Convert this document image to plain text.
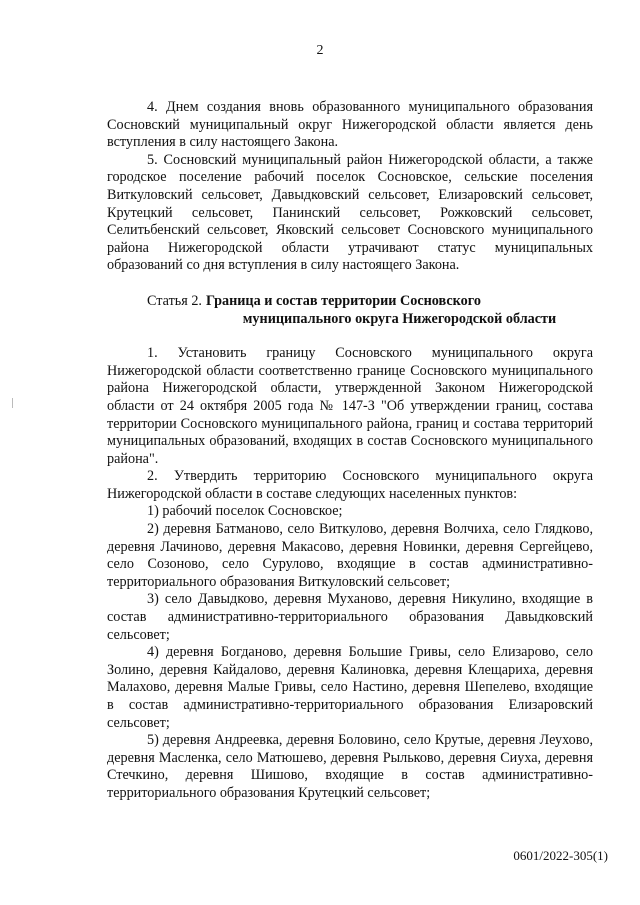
2

4. Днем создания вновь образованного муниципального образования Сосновский муниципальный округ Нижегородской области является день вступления в силу настоящего Закона.

5. Сосновский муниципальный район Нижегородской области, а также городское поселение рабочий поселок Сосновское, сельские поселения Виткуловский сельсовет, Давыдковский сельсовет, Елизаровский сельсовет, Крутецкий сельсовет, Панинский сельсовет, Рожковский сельсовет, Селитьбенский сельсовет, Яковский сельсовет Сосновского муниципального района Нижегородской области утрачивают статус муниципальных образований со дня вступления в силу настоящего Закона.

Статья 2. Граница и состав территории Сосновского
муниципального округа Нижегородской области

1. Установить границу Сосновского муниципального округа Нижегородской области соответственно границе Сосновского муниципального района Нижегородской области, утвержденной Законом Нижегородской области от 24 октября 2005 года № 147-З "Об утверждении границ, состава территории Сосновского муниципального района, границ и состава территорий муниципальных образований, входящих в состав Сосновского муниципального района".

2. Утвердить территорию Сосновского муниципального округа Нижегородской области в составе следующих населенных пунктов:

1) рабочий поселок Сосновское;

2) деревня Батманово, село Виткулово, деревня Волчиха, село Глядково, деревня Лачиново, деревня Макасово, деревня Новинки, деревня Сергейцево, село Созоново, село Сурулово, входящие в состав административно-территориального образования Виткуловский сельсовет;

3) село Давыдково, деревня Муханово, деревня Никулино, входящие в состав административно-территориального образования Давыдковский сельсовет;

4) деревня Богданово, деревня Большие Гривы, село Елизарово, село Золино, деревня Кайдалово, деревня Калиновка, деревня Клещариха, деревня Малахово, деревня Малые Гривы, село Настино, деревня Шепелево, входящие в состав административно-территориального образования Елизаровский сельсовет;

5) деревня Андреевка, деревня Боловино, село Крутые, деревня Леухово, деревня Масленка, село Матюшево, деревня Рыльково, деревня Сиуха, деревня Стечкино, деревня Шишово, входящие в состав административно-территориального образования Крутецкий сельсовет;

0601/2022-305(1)
